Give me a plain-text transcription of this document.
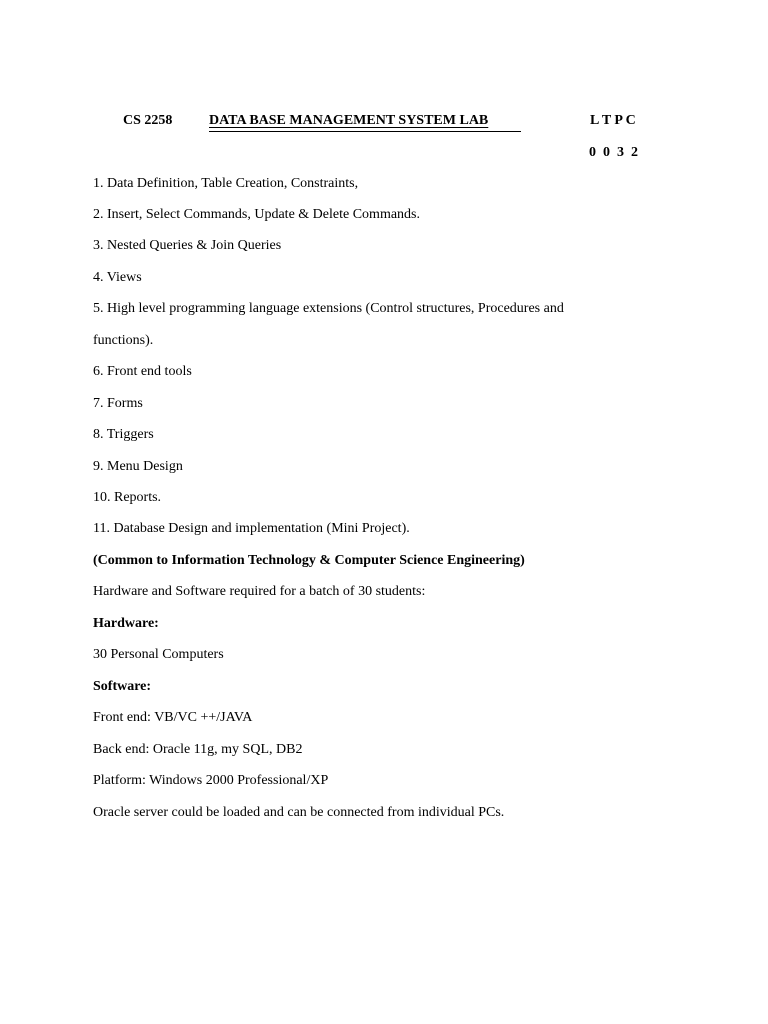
CS 2258	DATA BASE MANAGEMENT SYSTEM LAB	L T P C
0 0 3 2
1. Data Definition, Table Creation, Constraints,
2. Insert, Select Commands, Update & Delete Commands.
3. Nested Queries & Join Queries
4. Views
5. High level programming language extensions (Control structures, Procedures and
functions).
6. Front end tools
7. Forms
8. Triggers
9. Menu Design
10. Reports.
11. Database Design and implementation (Mini Project).
(Common to Information Technology & Computer Science Engineering)
Hardware and Software required for a batch of 30 students:
Hardware:
30 Personal Computers
Software:
Front end: VB/VC ++/JAVA
Back end: Oracle 11g, my SQL, DB2
Platform: Windows 2000 Professional/XP
Oracle server could be loaded and can be connected from individual PCs.
